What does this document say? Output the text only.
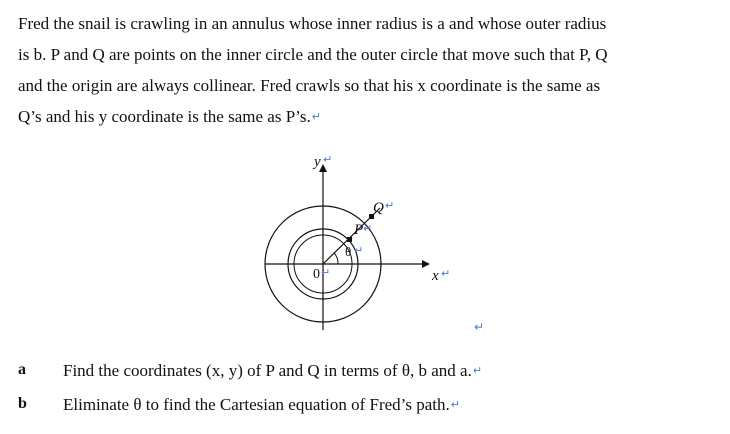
Fred the snail is crawling in an annulus whose inner radius is a and whose outer radius
is b. P and Q are points on the inner circle and the outer circle that move such that P, Q
and the origin are always collinear. Fred crawls so that his x coordinate is the same as
Q’s and his y coordinate is the same as P’s.↵
y ↵
x ↵
0 ↵
P ↵
Q ↵
θ ↵
↵
a Find the coordinates (x, y) of P and Q in terms of θ, b and a.↵
b Eliminate θ to find the Cartesian equation of Fred’s path.↵
